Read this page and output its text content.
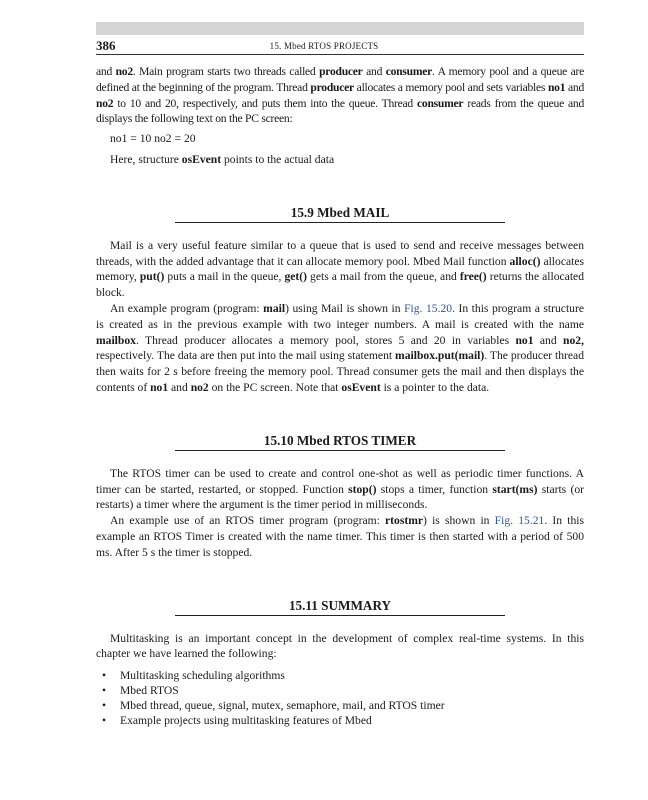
386	15. Mbed RTOS PROJECTS

and no2. Main program starts two threads called producer and consumer. A memory pool and a queue are defined at the beginning of the program. Thread producer allocates a memory pool and sets variables no1 and no2 to 10 and 20, respectively, and puts them into the queue. Thread consumer reads from the queue and displays the following text on the PC screen:

no1 = 10 no2 = 20

Here, structure osEvent points to the actual data

15.9 Mbed MAIL

Mail is a very useful feature similar to a queue that is used to send and receive messages between threads, with the added advantage that it can allocate memory pool. Mbed Mail function alloc() allocates memory, put() puts a mail in the queue, get() gets a mail from the queue, and free() returns the allocated block.

An example program (program: mail) using Mail is shown in Fig. 15.20. In this program a structure is created as in the previous example with two integer numbers. A mail is created with the name mailbox. Thread producer allocates a memory pool, stores 5 and 20 in variables no1 and no2, respectively. The data are then put into the mail using statement mailbox.put(mail). The producer thread then waits for 2 s before freeing the memory pool. Thread consumer gets the mail and then displays the contents of no1 and no2 on the PC screen. Note that osEvent is a pointer to the data.

15.10 Mbed RTOS TIMER

The RTOS timer can be used to create and control one-shot as well as periodic timer functions. A timer can be started, restarted, or stopped. Function stop() stops a timer, function start(ms) starts (or restarts) a timer where the argument is the timer period in milliseconds.

An example use of an RTOS timer program (program: rtostmr) is shown in Fig. 15.21. In this example an RTOS Timer is created with the name timer. This timer is then started with a period of 500 ms. After 5 s the timer is stopped.

15.11 SUMMARY

Multitasking is an important concept in the development of complex real-time systems. In this chapter we have learned the following:

• Multitasking scheduling algorithms
• Mbed RTOS
• Mbed thread, queue, signal, mutex, semaphore, mail, and RTOS timer
• Example projects using multitasking features of Mbed
